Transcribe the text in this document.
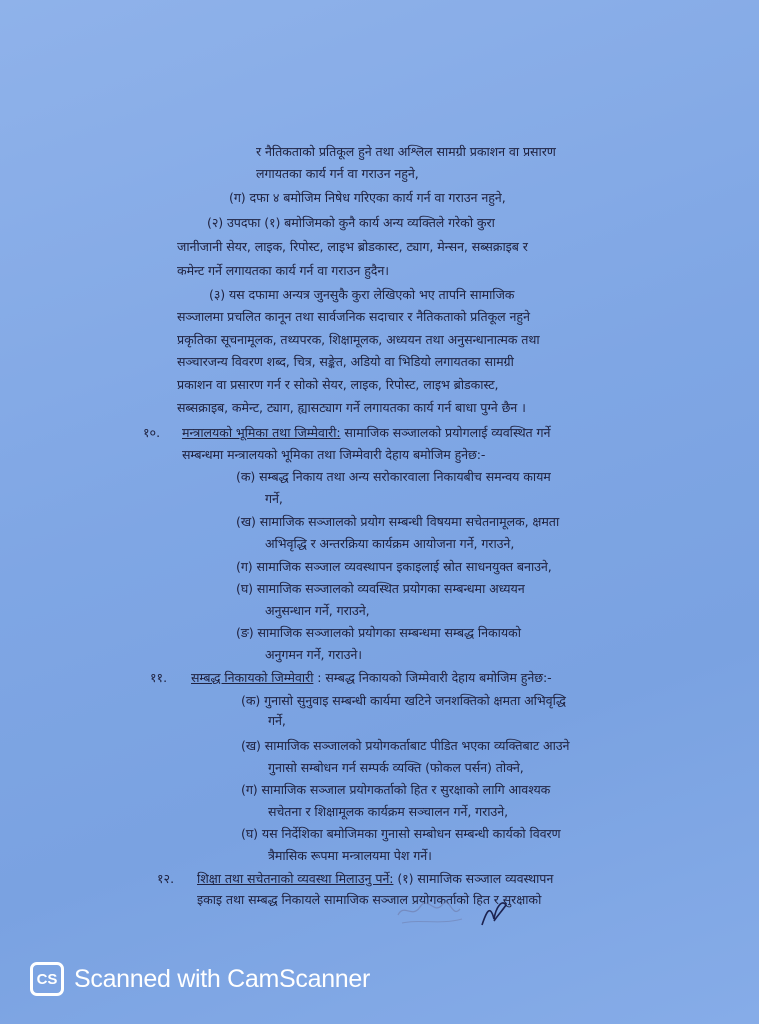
र नैतिकताको प्रतिकूल हुने तथा अश्लिल सामग्री प्रकाशन वा प्रसारण
लगायतका कार्य गर्न वा गराउन नहुने,
(ग) दफा ४ बमोजिम निषेध गरिएका कार्य गर्न वा गराउन नहुने,
(२) उपदफा (१) बमोजिमको कुनै कार्य अन्य व्यक्तिले गरेको कुरा
जानीजानी सेयर, लाइक, रिपोस्ट, लाइभ ब्रोडकास्ट, ट्याग, मेन्सन, सब्सक्राइब र
कमेन्ट गर्ने लगायतका कार्य गर्न वा गराउन हुदैन।
(३) यस दफामा अन्यत्र जुनसुकै कुरा लेखिएको भए तापनि सामाजिक
सञ्जालमा प्रचलित कानून तथा सार्वजनिक सदाचार र नैतिकताको प्रतिकूल नहुने
प्रकृतिका सूचनामूलक, तथ्यपरक, शिक्षामूलक, अध्ययन तथा अनुसन्धानात्मक तथा
सञ्चारजन्य विवरण शब्द, चित्र, सङ्केत, अडियो वा भिडियो लगायतका सामग्री
प्रकाशन वा प्रसारण गर्न र सोको सेयर, लाइक, रिपोस्ट, लाइभ ब्रोडकास्ट,
सब्सक्राइब, कमेन्ट, ट्याग, ह्यासट्याग गर्ने लगायतका कार्य गर्न बाधा पुग्ने छैन ।
१०. मन्त्रालयको भूमिका तथा जिम्मेवारी: सामाजिक सञ्जालको प्रयोगलाई व्यवस्थित गर्ने
सम्बन्धमा मन्त्रालयको भूमिका तथा जिम्मेवारी देहाय बमोजिम हुनेछ:-
(क) सम्बद्ध निकाय तथा अन्य सरोकारवाला निकायबीच समन्वय कायम
गर्ने,
(ख) सामाजिक सञ्जालको प्रयोग सम्बन्धी विषयमा सचेतनामूलक, क्षमता
अभिवृद्धि र अन्तरक्रिया कार्यक्रम आयोजना गर्ने, गराउने,
(ग) सामाजिक सञ्जाल व्यवस्थापन इकाइलाई स्रोत साधनयुक्त बनाउने,
(घ) सामाजिक सञ्जालको व्यवस्थित प्रयोगका सम्बन्धमा अध्ययन
अनुसन्धान गर्ने, गराउने,
(ङ) सामाजिक सञ्जालको प्रयोगका सम्बन्धमा सम्बद्ध निकायको
अनुगमन गर्ने, गराउने।
११. सम्बद्ध निकायको जिम्मेवारी : सम्बद्ध निकायको जिम्मेवारी देहाय बमोजिम हुनेछ:-
(क) गुनासो सुनुवाइ सम्बन्धी कार्यमा खटिने जनशक्तिको क्षमता अभिवृद्धि
गर्ने,
(ख) सामाजिक सञ्जालको प्रयोगकर्ताबाट पीडित भएका व्यक्तिबाट आउने
गुनासो सम्बोधन गर्न सम्पर्क व्यक्ति (फोकल पर्सन) तोक्ने,
(ग) सामाजिक सञ्जाल प्रयोगकर्ताको हित र सुरक्षाको लागि आवश्यक
सचेतना र शिक्षामूलक कार्यक्रम सञ्चालन गर्ने, गराउने,
(घ) यस निर्देशिका बमोजिमका गुनासो सम्बोधन सम्बन्धी कार्यको विवरण
त्रैमासिक रूपमा मन्त्रालयमा पेश गर्ने।
१२. शिक्षा तथा सचेतनाको व्यवस्था मिलाउनु पर्ने: (१) सामाजिक सञ्जाल व्यवस्थापन
इकाइ तथा सम्बद्ध निकायले सामाजिक सञ्जाल प्रयोगकर्ताको हित र सुरक्षाको
CS Scanned with CamScanner
